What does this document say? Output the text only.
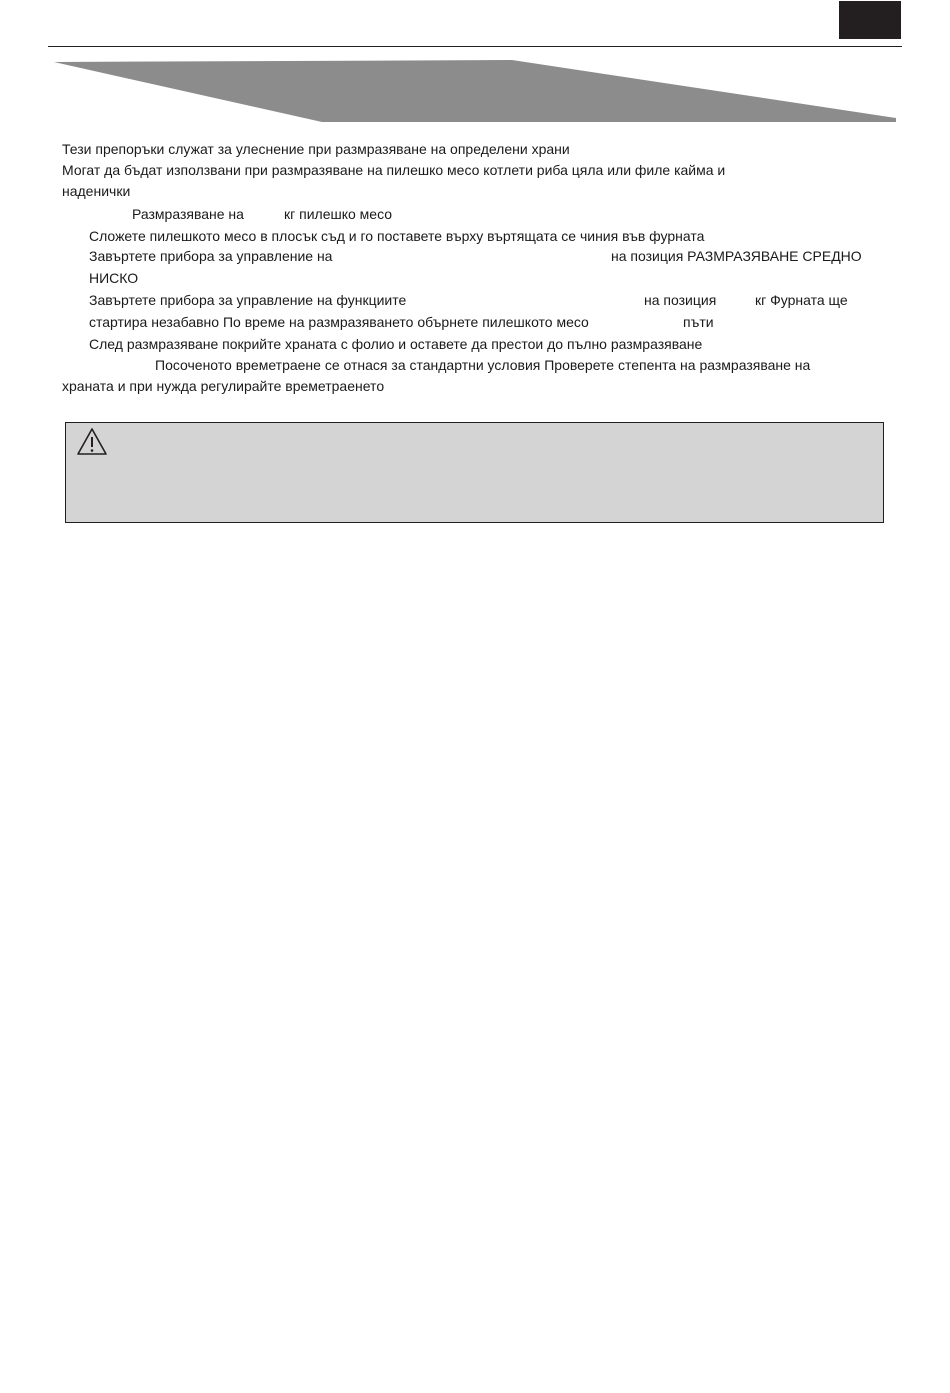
Тези препоръки служат за улеснение при размразяване на определени храни
Могат да бъдат използвани при размразяване на пилешко месо котлети риба цяла или филе кайма и
наденички
Размразяване на	кг пилешко месо
Сложете пилешкото месо в плосък съд и го поставете върху въртящата се чиния във фурната
Завъртете прибора за управление на	на позиция РАЗМРАЗЯВАНЕ СРЕДНО
НИСКО
Завъртете прибора за управление на функциите	на позиция	кг Фурната ще
стартира незабавно По време на размразяването обърнете пилешкото месо	пъти
След размразяване покрийте храната с фолио и оставете да престои до пълно размразяване
Посоченото времетраене се отнася за стандартни условия Проверете степента на размразяване на
храната и при нужда регулирайте времетраенето
